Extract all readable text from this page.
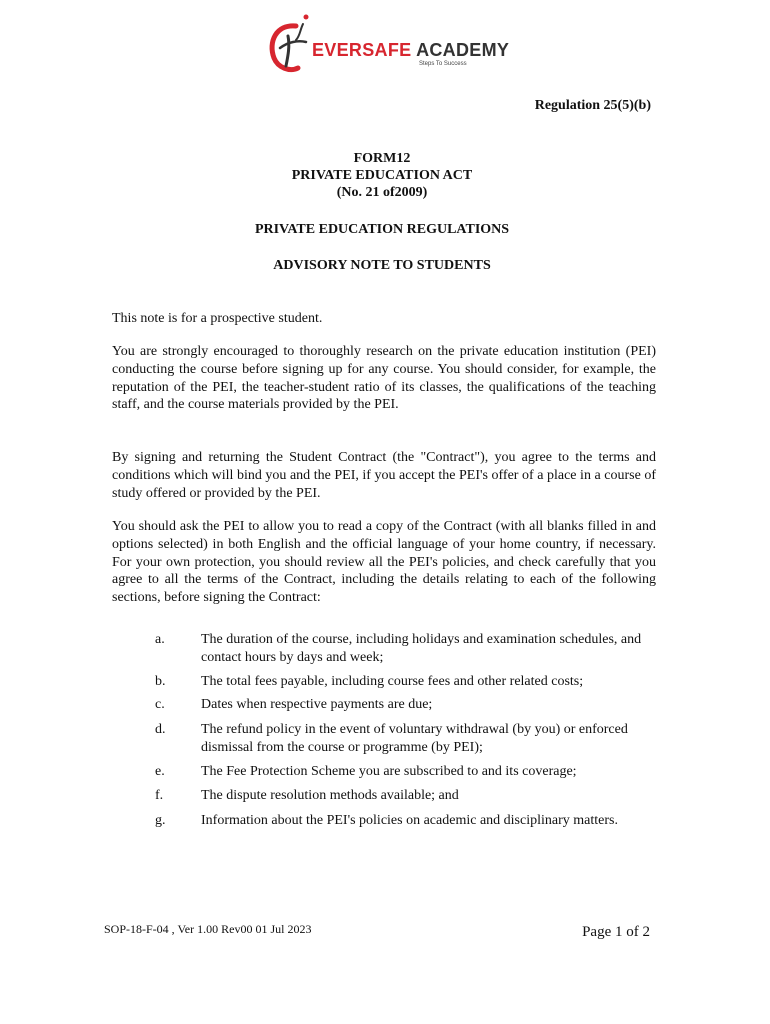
EVERSAFE ACADEMY
Steps To Success
Regulation 25(5)(b)
FORM12
PRIVATE EDUCATION ACT
(No. 21 of2009)
PRIVATE EDUCATION REGULATIONS
ADVISORY NOTE TO STUDENTS

This note is for a prospective student.

You are strongly encouraged to thoroughly research on the private education institution (PEI) conducting the course before signing up for any course. You should consider, for example, the reputation of the PEI, the teacher-student ratio of its classes, the qualifications of the teaching staff, and the course materials provided by the PEI.

By signing and returning the Student Contract (the "Contract"), you agree to the terms and conditions which will bind you and the PEI, if you accept the PEI's offer of a place in a course of study offered or provided by the PEI.

You should ask the PEI to allow you to read a copy of the Contract (with all blanks filled in and options selected) in both English and the official language of your home country, if necessary. For your own protection, you should review all the PEI's policies, and check carefully that you agree to all the terms of the Contract, including the details relating to each of the following sections, before signing the Contract:

a.	The duration of the course, including holidays and examination schedules, and contact hours by days and week;
b.	The total fees payable, including course fees and other related costs;
c.	Dates when respective payments are due;
d.	The refund policy in the event of voluntary withdrawal (by you) or enforced dismissal from the course or programme (by PEI);
e.	The Fee Protection Scheme you are subscribed to and its coverage;
f.	The dispute resolution methods available; and
g.	Information about the PEI's policies on academic and disciplinary matters.
SOP-18-F-04 , Ver 1.00 Rev00 01 Jul 2023	Page 1 of 2
